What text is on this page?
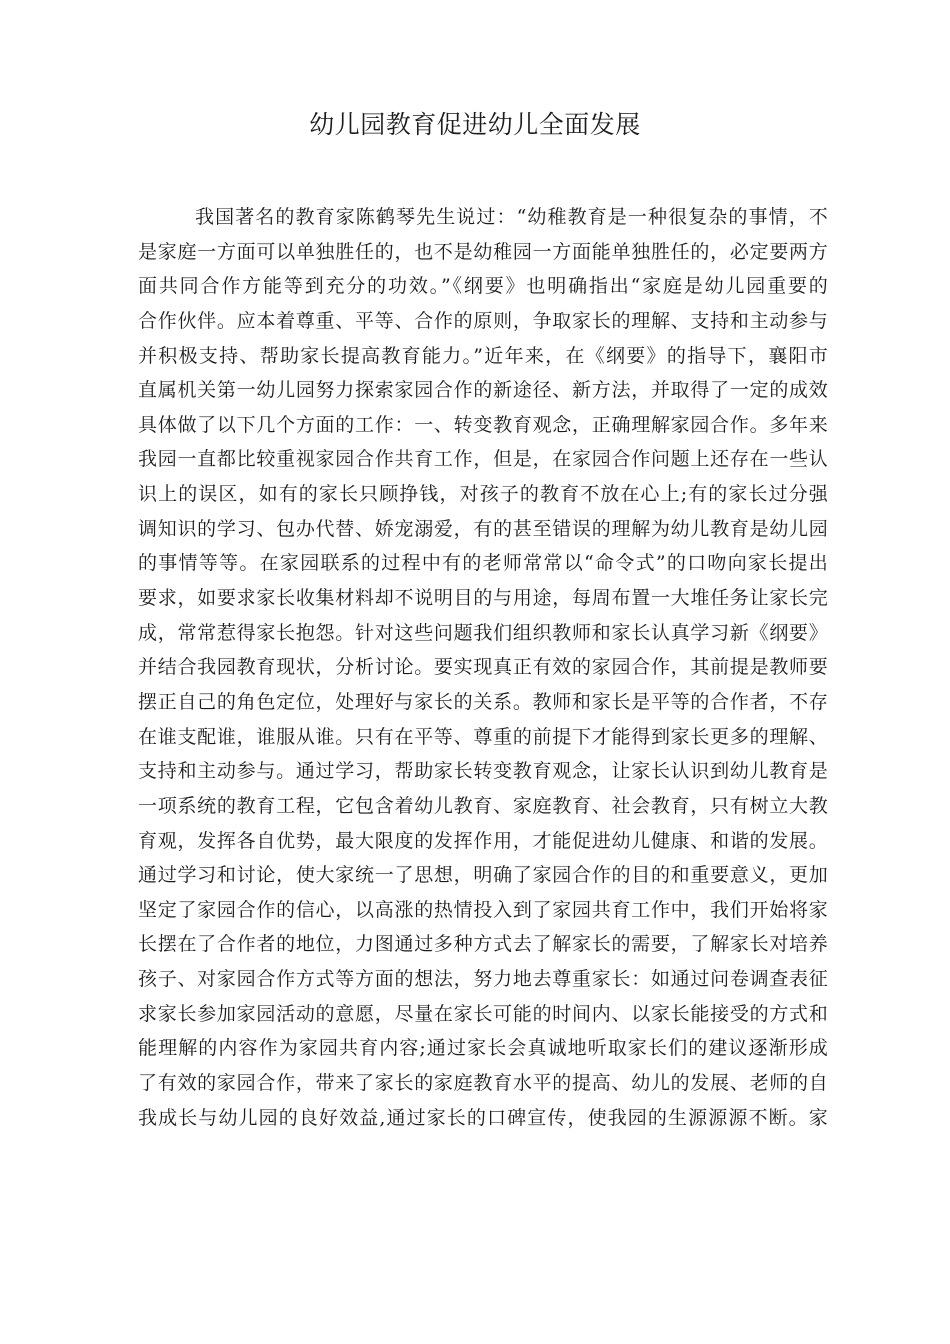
幼儿园教育促进幼儿全面发展
我国著名的教育家陈鹤琴先生说过：“幼稚教育是一种很复杂的事情，不
是家庭一方面可以单独胜任的，也不是幼稚园一方面能单独胜任的，必定要两方
面共同合作方能等到充分的功效。”《纲要》也明确指出“家庭是幼儿园重要的
合作伙伴。应本着尊重、平等、合作的原则，争取家长的理解、支持和主动参与
并积极支持、帮助家长提高教育能力。”近年来，在《纲要》的指导下，襄阳市
直属机关第一幼儿园努力探索家园合作的新途径、新方法，并取得了一定的成效
具体做了以下几个方面的工作：一、转变教育观念，正确理解家园合作。多年来
我园一直都比较重视家园合作共育工作，但是，在家园合作问题上还存在一些认
识上的误区，如有的家长只顾挣钱，对孩子的教育不放在心上;有的家长过分强
调知识的学习、包办代替、娇宠溺爱，有的甚至错误的理解为幼儿教育是幼儿园
的事情等等。在家园联系的过程中有的老师常常以“命令式”的口吻向家长提出
要求，如要求家长收集材料却不说明目的与用途，每周布置一大堆任务让家长完
成，常常惹得家长抱怨。针对这些问题我们组织教师和家长认真学习新《纲要》
并结合我园教育现状，分析讨论。要实现真正有效的家园合作，其前提是教师要
摆正自己的角色定位，处理好与家长的关系。教师和家长是平等的合作者，不存
在谁支配谁，谁服从谁。只有在平等、尊重的前提下才能得到家长更多的理解、
支持和主动参与。通过学习，帮助家长转变教育观念，让家长认识到幼儿教育是
一项系统的教育工程，它包含着幼儿教育、家庭教育、社会教育，只有树立大教
育观，发挥各自优势，最大限度的发挥作用，才能促进幼儿健康、和谐的发展。
通过学习和讨论，使大家统一了思想，明确了家园合作的目的和重要意义，更加
坚定了家园合作的信心，以高涨的热情投入到了家园共育工作中，我们开始将家
长摆在了合作者的地位，力图通过多种方式去了解家长的需要，了解家长对培养
孩子、对家园合作方式等方面的想法，努力地去尊重家长：如通过问卷调查表征
求家长参加家园活动的意愿，尽量在家长可能的时间内、以家长能接受的方式和
能理解的内容作为家园共育内容;通过家长会真诚地听取家长们的建议逐渐形成
了有效的家园合作，带来了家长的家庭教育水平的提高、幼儿的发展、老师的自
我成长与幼儿园的良好效益,通过家长的口碑宣传，使我园的生源源源不断。家
